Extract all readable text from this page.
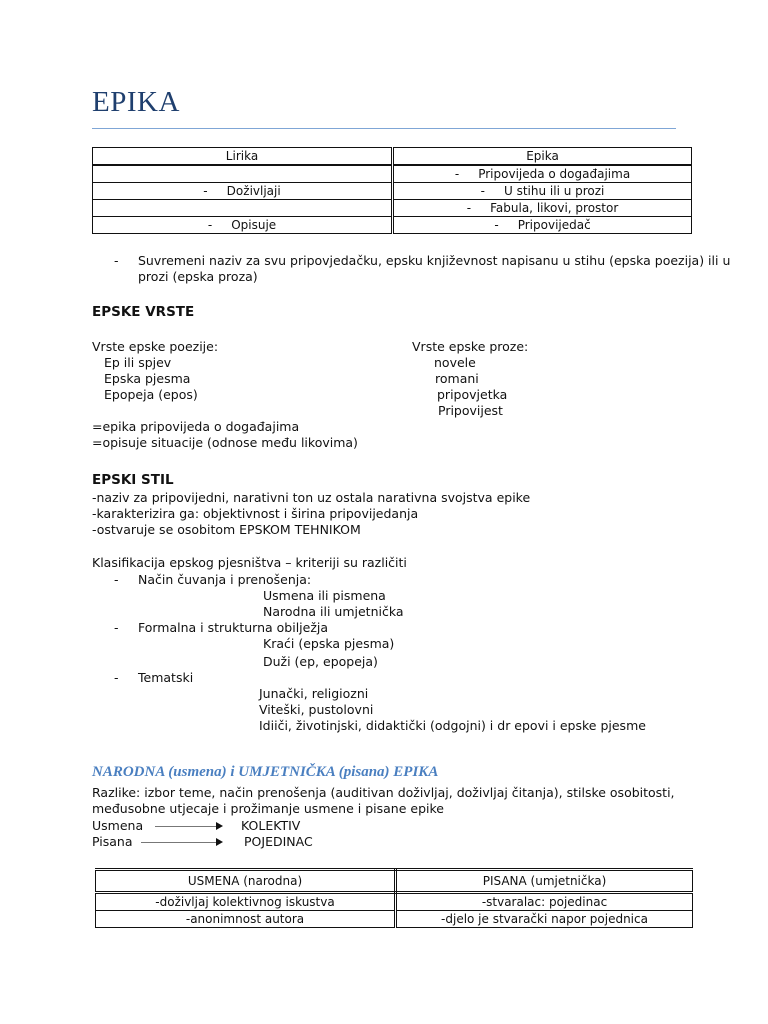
EPIKA
Lirika	Epika
	-     Pripovijeda o događajima
-     Doživljaji	-     U stihu ili u prozi
	-     Fabula, likovi, prostor
-     Opisuje	-     Pripovijedač
- Suvremeni naziv za svu pripovjedačku, epsku književnost napisanu u stihu (epska poezija) ili u
prozi (epska proza)
EPSKE VRSTE
Vrste epske poezije:
Ep ili spjev
Epska pjesma
Epopeja (epos)
Vrste epske proze:
novele
romani
pripovjetka
Pripovijest
=epika pripovijeda o događajima
=opisuje situacije (odnose među likovima)
EPSKI STIL
-naziv za pripovijedni, narativni ton uz ostala narativna svojstva epike
-karakterizira ga: objektivnost i širina pripovijedanja
-ostvaruje se osobitom EPSKOM TEHNIKOM
Klasifikacija epskog pjesništva – kriteriji su različiti
- Način čuvanja i prenošenja:
Usmena ili pismena
Narodna ili umjetnička
- Formalna i strukturna obilježja
Kraći (epska pjesma)
Duži (ep, epopeja)
- Tematski
Junački, religiozni
Viteški, pustolovni
Idiiči, životinjski, didaktički (odgojni) i dr epovi i epske pjesme
NARODNA (usmena) i UMJETNIČKA (pisana) EPIKA
Razlike: izbor teme, način prenošenja (auditivan doživljaj, doživljaj čitanja), stilske osobitosti,
međusobne utjecaje i prožimanje usmene i pisane epike
Usmena	KOLEKTIV
Pisana	POJEDINAC
USMENA (narodna)	PISANA (umjetnička)
-doživljaj kolektivnog iskustva	-stvaralac: pojedinac
-anonimnost autora	-djelo je stvarački napor pojednica
